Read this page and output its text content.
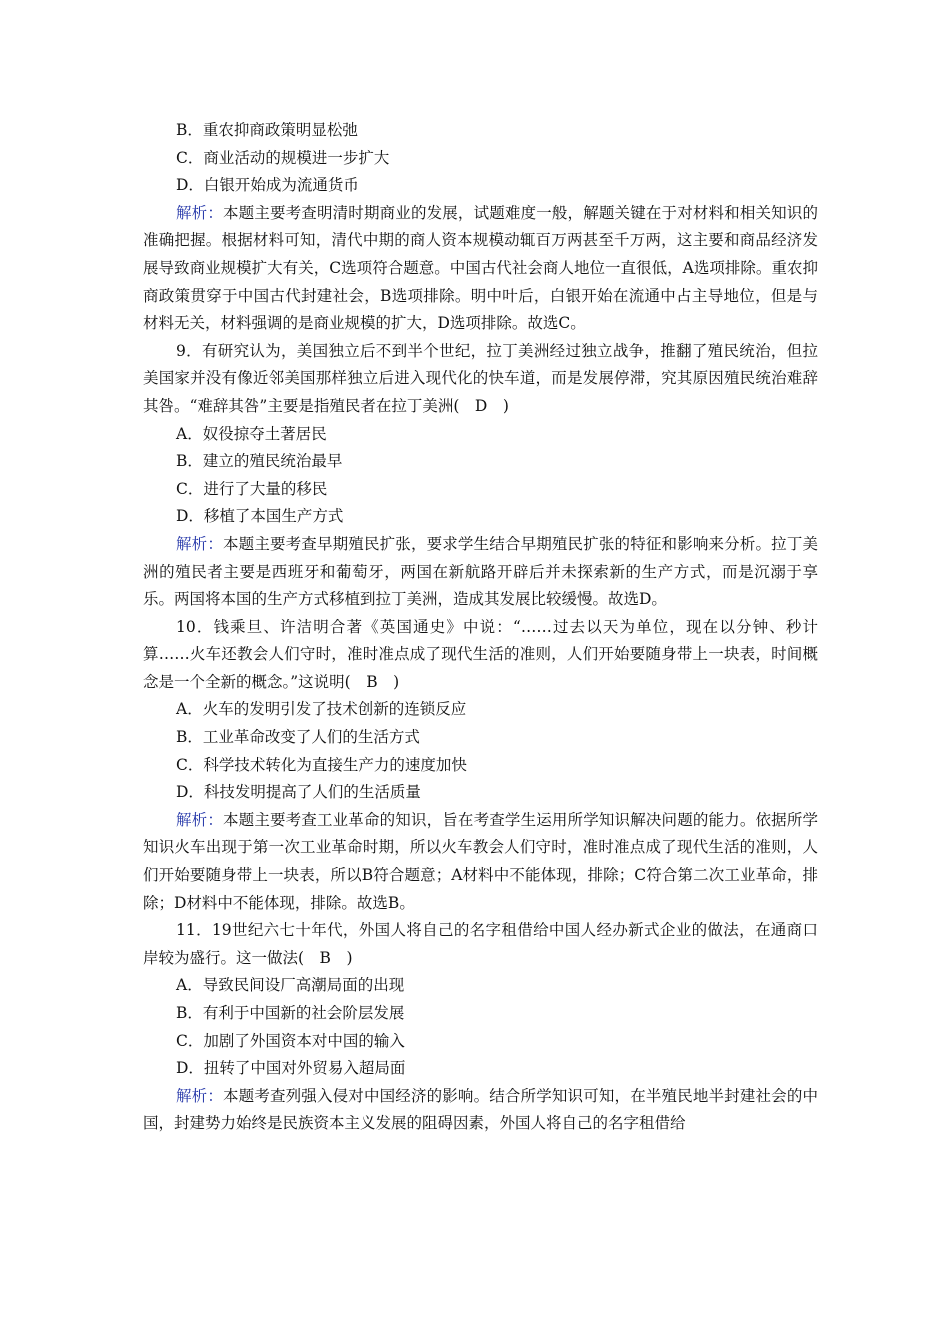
B．重农抑商政策明显松弛

C．商业活动的规模进一步扩大

D．白银开始成为流通货币

解析：本题主要考查明清时期商业的发展，试题难度一般，解题关键在于对材料和相关知识的准确把握。根据材料可知，清代中期的商人资本规模动辄百万两甚至千万两，这主要和商品经济发展导致商业规模扩大有关，C选项符合题意。中国古代社会商人地位一直很低，A选项排除。重农抑商政策贯穿于中国古代封建社会，B选项排除。明中叶后，白银开始在流通中占主导地位，但是与材料无关，材料强调的是商业规模的扩大，D选项排除。故选C。

9．有研究认为，美国独立后不到半个世纪，拉丁美洲经过独立战争，推翻了殖民统治，但拉美国家并没有像近邻美国那样独立后进入现代化的快车道，而是发展停滞，究其原因殖民统治难辞其咎。“难辞其咎”主要是指殖民者在拉丁美洲(　D　)

A．奴役掠夺土著居民

B．建立的殖民统治最早

C．进行了大量的移民

D．移植了本国生产方式

解析：本题主要考查早期殖民扩张，要求学生结合早期殖民扩张的特征和影响来分析。拉丁美洲的殖民者主要是西班牙和葡萄牙，两国在新航路开辟后并未探索新的生产方式，而是沉溺于享乐。两国将本国的生产方式移植到拉丁美洲，造成其发展比较缓慢。故选D。

10．钱乘旦、许洁明合著《英国通史》中说：“……过去以天为单位，现在以分钟、秒计算……火车还教会人们守时，准时准点成了现代生活的准则，人们开始要随身带上一块表，时间概念是一个全新的概念。”这说明(　B　)

A．火车的发明引发了技术创新的连锁反应

B．工业革命改变了人们的生活方式

C．科学技术转化为直接生产力的速度加快

D．科技发明提高了人们的生活质量

解析：本题主要考查工业革命的知识，旨在考查学生运用所学知识解决问题的能力。依据所学知识火车出现于第一次工业革命时期，所以火车教会人们守时，准时准点成了现代生活的准则，人们开始要随身带上一块表，所以B符合题意；A材料中不能体现，排除；C符合第二次工业革命，排除；D材料中不能体现，排除。故选B。

11．19世纪六七十年代，外国人将自己的名字租借给中国人经办新式企业的做法，在通商口岸较为盛行。这一做法(　B　)

A．导致民间设厂高潮局面的出现

B．有利于中国新的社会阶层发展

C．加剧了外国资本对中国的输入

D．扭转了中国对外贸易入超局面

解析：本题考查列强入侵对中国经济的影响。结合所学知识可知，在半殖民地半封建社会的中国，封建势力始终是民族资本主义发展的阻碍因素，外国人将自己的名字租借给
